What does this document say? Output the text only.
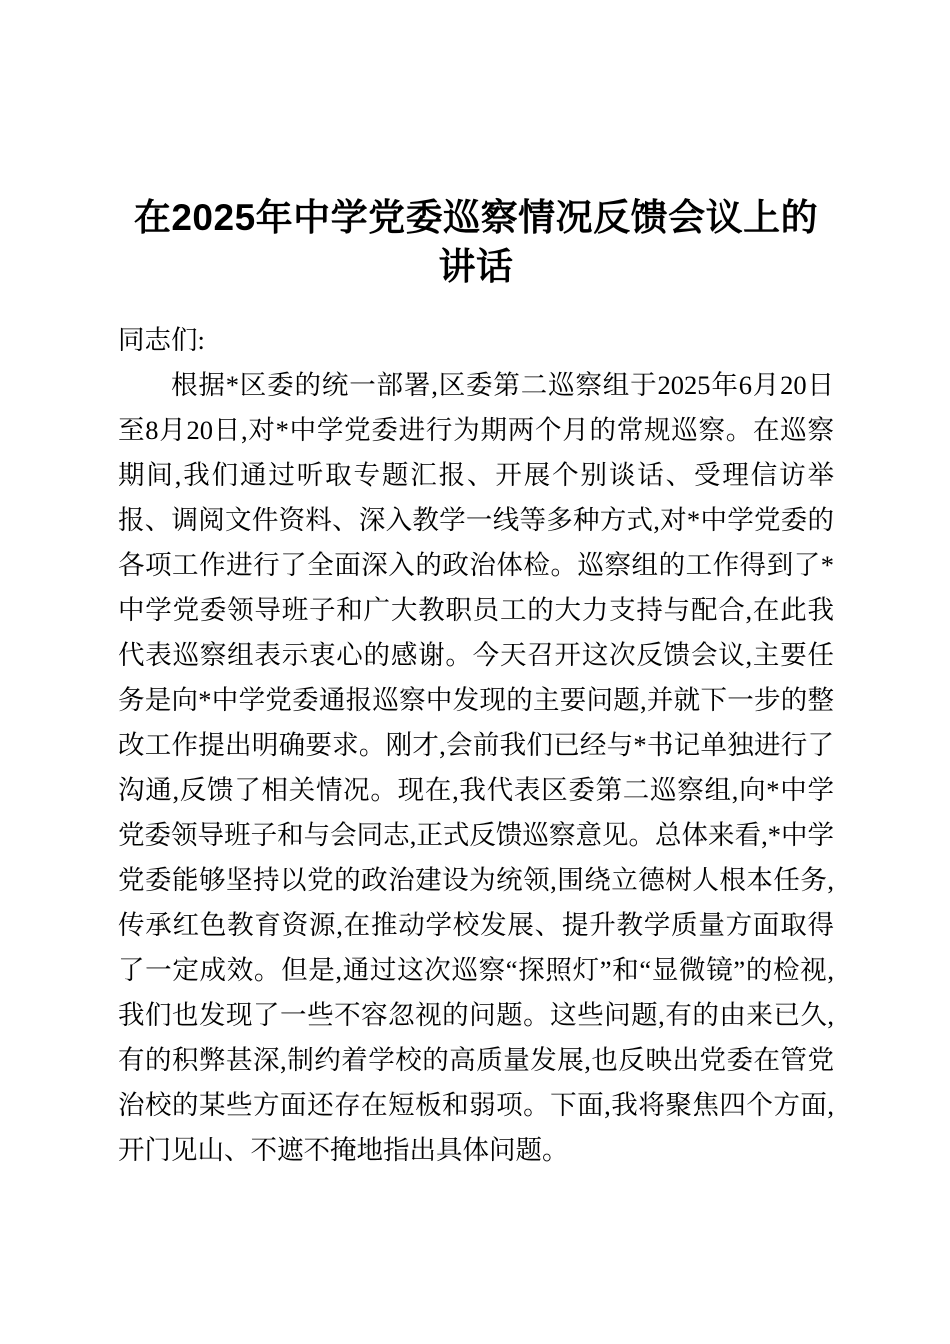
在2025年中学党委巡察情况反馈会议上的讲话

同志们:

根据*区委的统一部署,区委第二巡察组于2025年6月20日至8月20日,对*中学党委进行为期两个月的常规巡察。在巡察期间,我们通过听取专题汇报、开展个别谈话、受理信访举报、调阅文件资料、深入教学一线等多种方式,对*中学党委的各项工作进行了全面深入的政治体检。巡察组的工作得到了*中学党委领导班子和广大教职员工的大力支持与配合,在此我代表巡察组表示衷心的感谢。今天召开这次反馈会议,主要任务是向*中学党委通报巡察中发现的主要问题,并就下一步的整改工作提出明确要求。刚才,会前我们已经与*书记单独进行了沟通,反馈了相关情况。现在,我代表区委第二巡察组,向*中学党委领导班子和与会同志,正式反馈巡察意见。总体来看,*中学党委能够坚持以党的政治建设为统领,围绕立德树人根本任务,传承红色教育资源,在推动学校发展、提升教学质量方面取得了一定成效。但是,通过这次巡察“探照灯”和“显微镜”的检视,我们也发现了一些不容忽视的问题。这些问题,有的由来已久,有的积弊甚深,制约着学校的高质量发展,也反映出党委在管党治校的某些方面还存在短板和弱项。下面,我将聚焦四个方面,开门见山、不遮不掩地指出具体问题。
